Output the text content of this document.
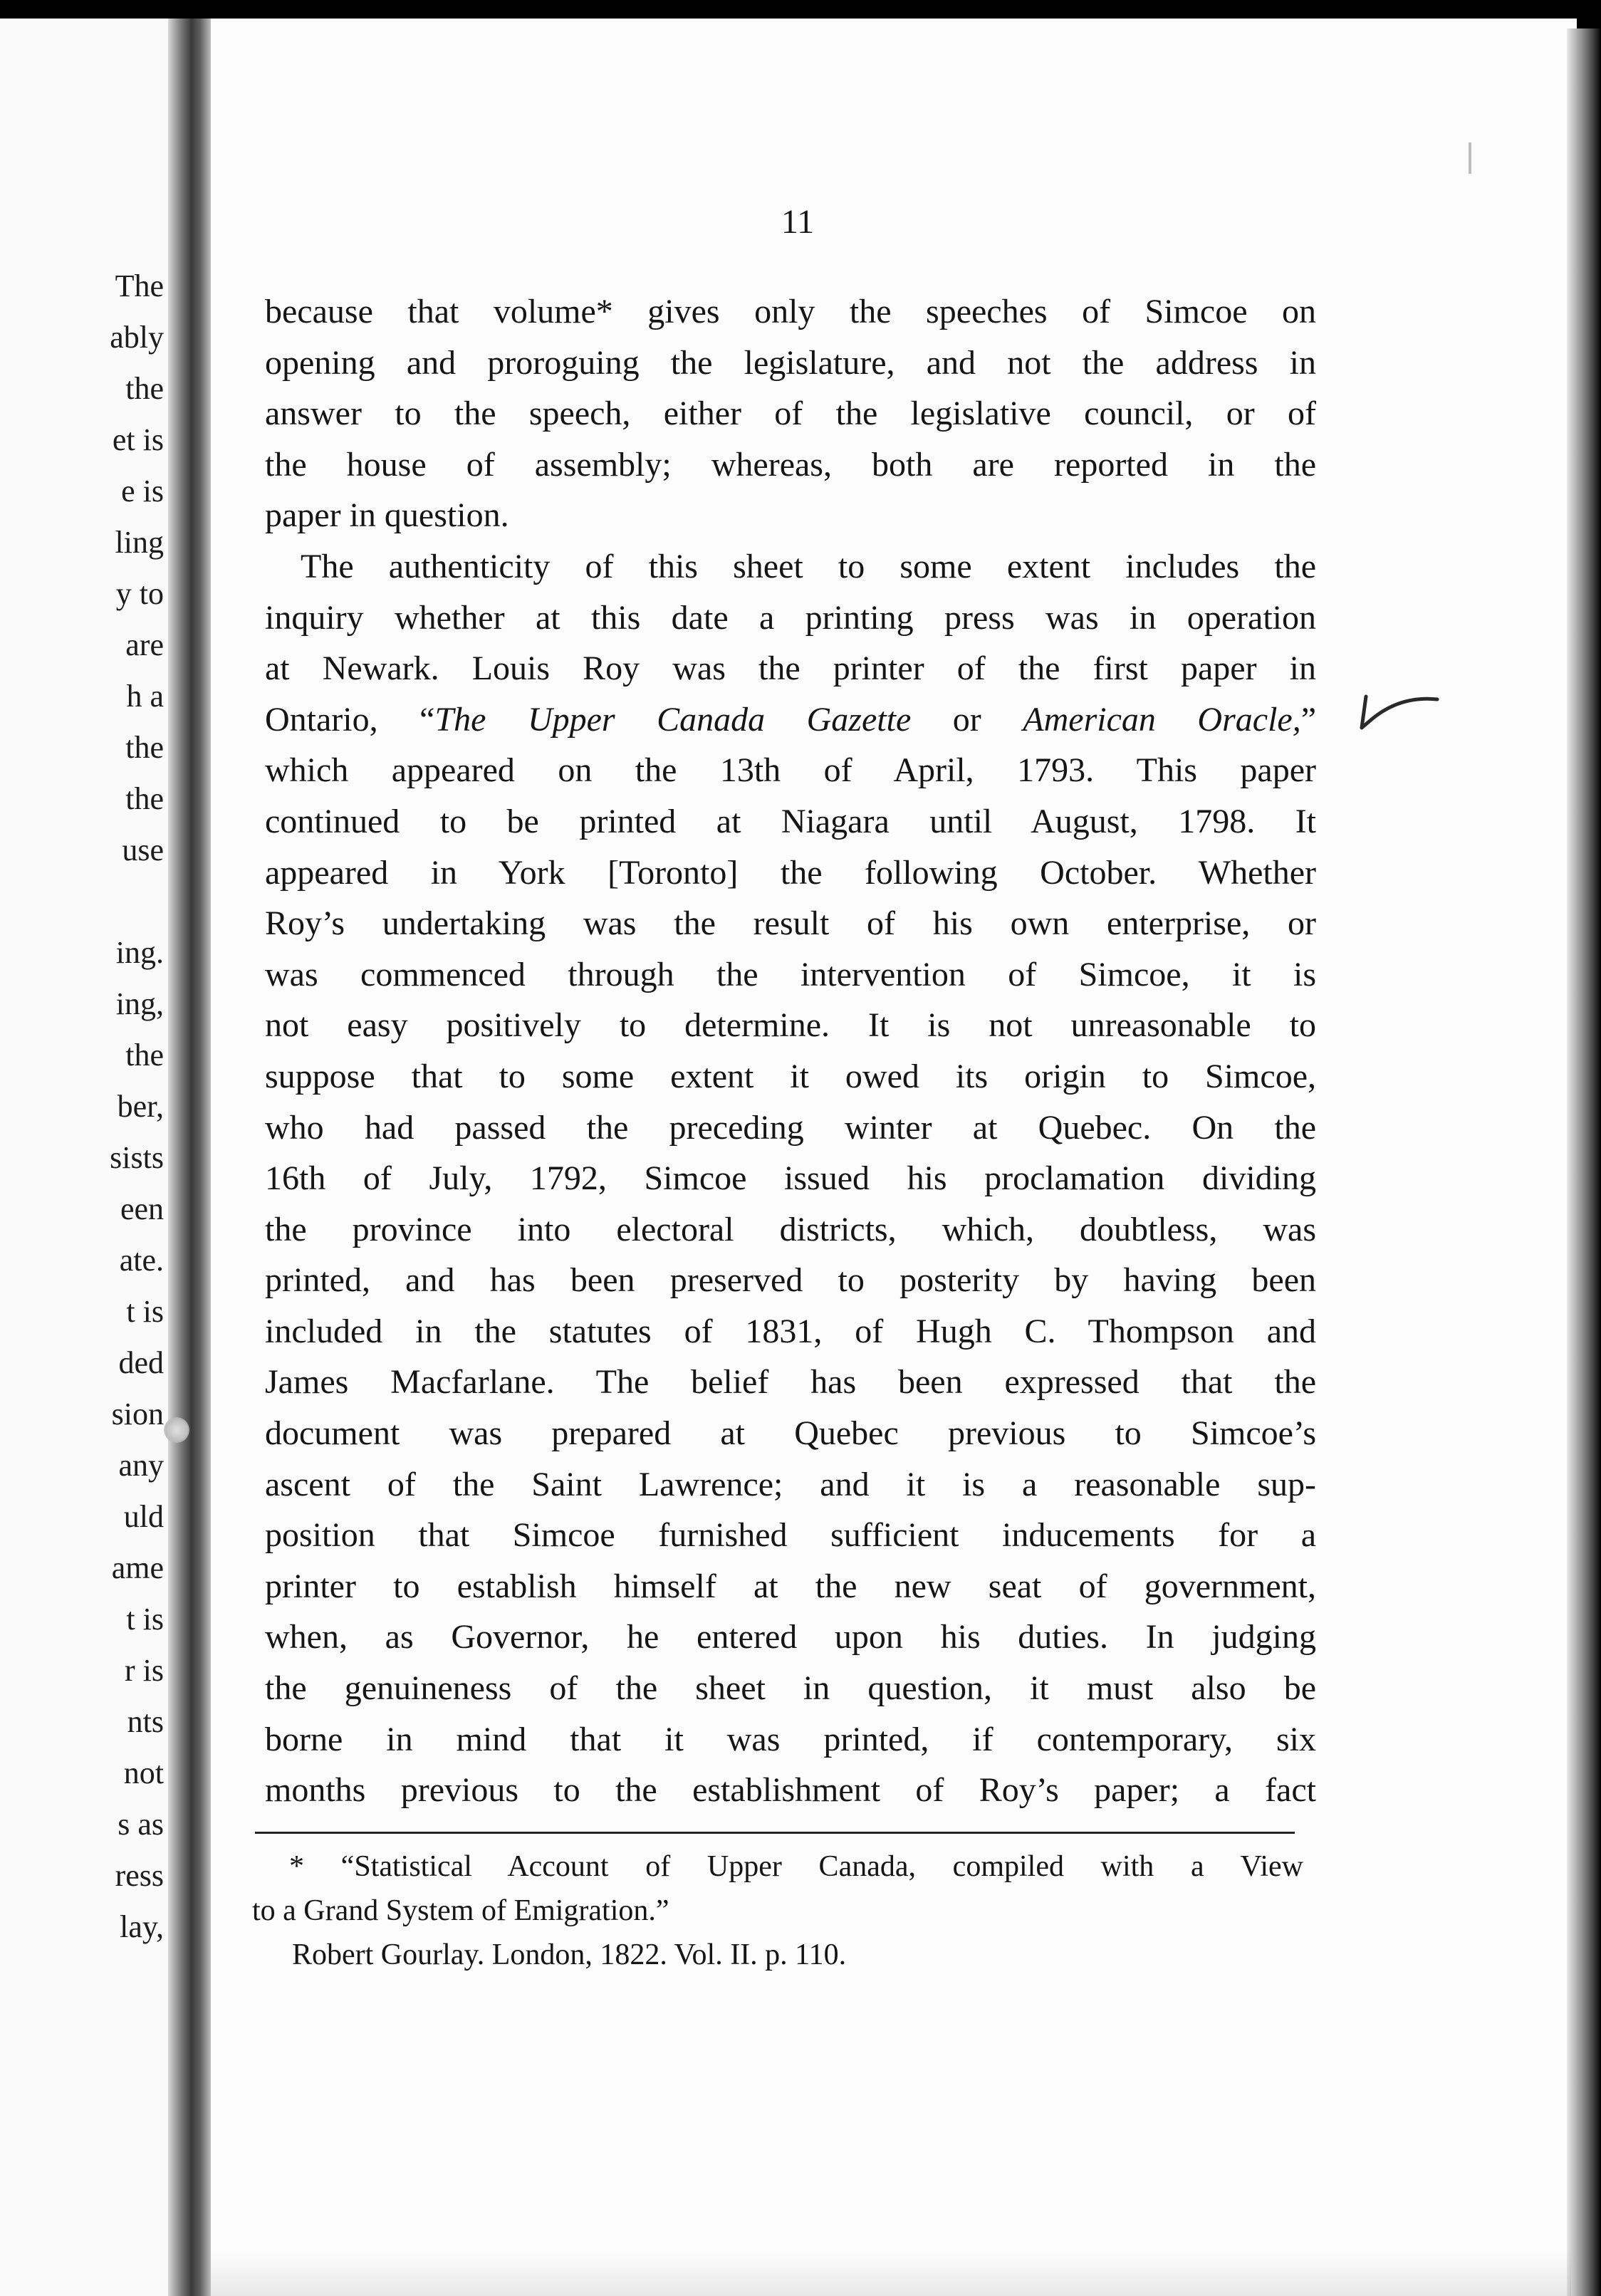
The
ably
the
et is
e is
ling
y to
are
h a
the
the
use
ing.
ing,
the
ber,
sists
een
ate.
t is
ded
sion
any
uld
ame
t is
r is
nts
not
s as
ress
lay,
11
because that volume* gives only the speeches of Simcoe on
opening and proroguing the legislature, and not the address in
answer to the speech, either of the legislative council, or of
the house of assembly; whereas, both are reported in the
paper in question.
The authenticity of this sheet to some extent includes the
inquiry whether at this date a printing press was in operation
at Newark. Louis Roy was the printer of the first paper in
Ontario, “The Upper Canada Gazette or American Oracle,”
which appeared on the 13th of April, 1793. This paper
continued to be printed at Niagara until August, 1798. It
appeared in York [Toronto] the following October. Whether
Roy’s undertaking was the result of his own enterprise, or
was commenced through the intervention of Simcoe, it is
not easy positively to determine. It is not unreasonable to
suppose that to some extent it owed its origin to Simcoe,
who had passed the preceding winter at Quebec. On the
16th of July, 1792, Simcoe issued his proclamation dividing
the province into electoral districts, which, doubtless, was
printed, and has been preserved to posterity by having been
included in the statutes of 1831, of Hugh C. Thompson and
James Macfarlane. The belief has been expressed that the
document was prepared at Quebec previous to Simcoe’s
ascent of the Saint Lawrence; and it is a reasonable sup-
position that Simcoe furnished sufficient inducements for a
printer to establish himself at the new seat of government,
when, as Governor, he entered upon his duties. In judging
the genuineness of the sheet in question, it must also be
borne in mind that it was printed, if contemporary, six
months previous to the establishment of Roy’s paper; a fact
* “Statistical Account of Upper Canada, compiled with a View
to a Grand System of Emigration.”
Robert Gourlay. London, 1822. Vol. II. p. 110.
